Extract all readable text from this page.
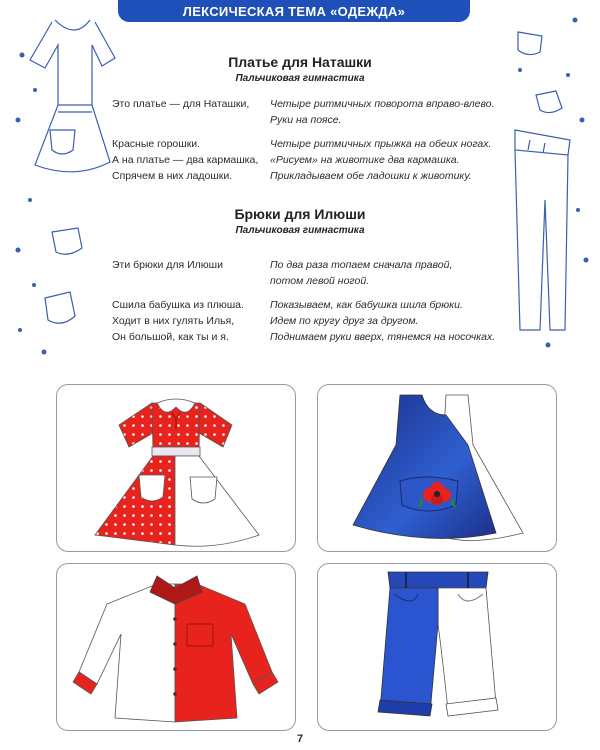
ЛЕКСИЧЕСКАЯ ТЕМА «ОДЕЖДА»
Платье для Наташки
Пальчиковая гимнастика
Это платье — для Наташки,
Красные горошки.
А на платье — два кармашка,
Спрячем в них ладошки.
Четыре ритмичных поворота вправо-влево.
Руки на поясе.
Четыре ритмичных прыжка на обеих ногах.
«Рисуем» на животике два кармашка.
Прикладываем обе ладошки к животику.
Брюки для Илюши
Пальчиковая гимнастика
Эти брюки для Илюши
Сшила бабушка из плюша.
Ходит в них гулять Илья,
Он большой, как ты и я.
По два раза топаем сначала правой,
потом левой ногой.
Показываем, как бабушка шила брюки.
Идем по кругу друг за другом.
Поднимаем руки вверх, тянемся на носочках.
7
